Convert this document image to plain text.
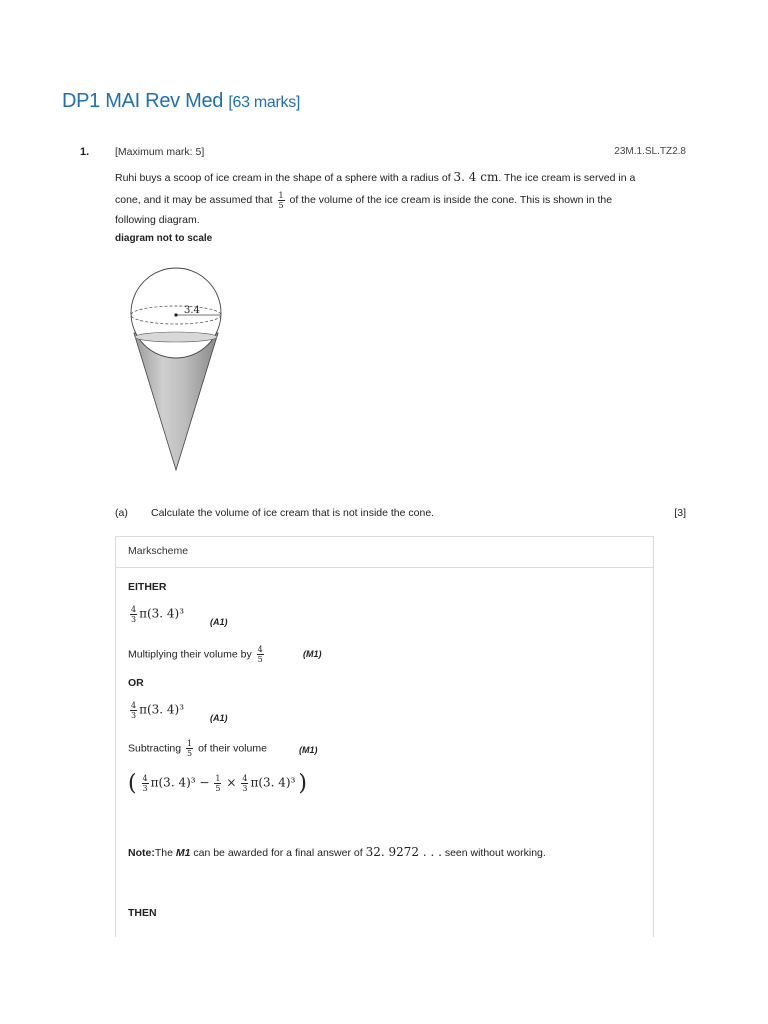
DP1 MAI Rev Med [63 marks]
1. [Maximum mark: 5]	23M.1.SL.TZ2.8
Ruhi buys a scoop of ice cream in the shape of a sphere with a radius of 3. 4 cm. The ice cream is served in a
cone, and it may be assumed that $\frac{1}{5}$ of the volume of the ice cream is inside the cone. This is shown in the
following diagram.
diagram not to scale
3.4
(a) Calculate the volume of ice cream that is not inside the cone.	[3]
Markscheme
EITHER
$\frac{4}{3} \pi(3$. 4)³
(A1)
Multiplying their volume by $\frac{4}{5}$	(M1)
OR
$\frac{4}{3} \pi(3$. 4)³
(A1)
Subtracting $\frac{1}{5}$ of their volume	(M1)
( $\frac{4}{3} \pi(3$. $4)^3 - \frac{1}{5} \times \frac{4}{3} \pi(3$. 4)³ )
Note:The M1 can be awarded for a final answer of 32. 9272 . . . seen without working.
THEN
